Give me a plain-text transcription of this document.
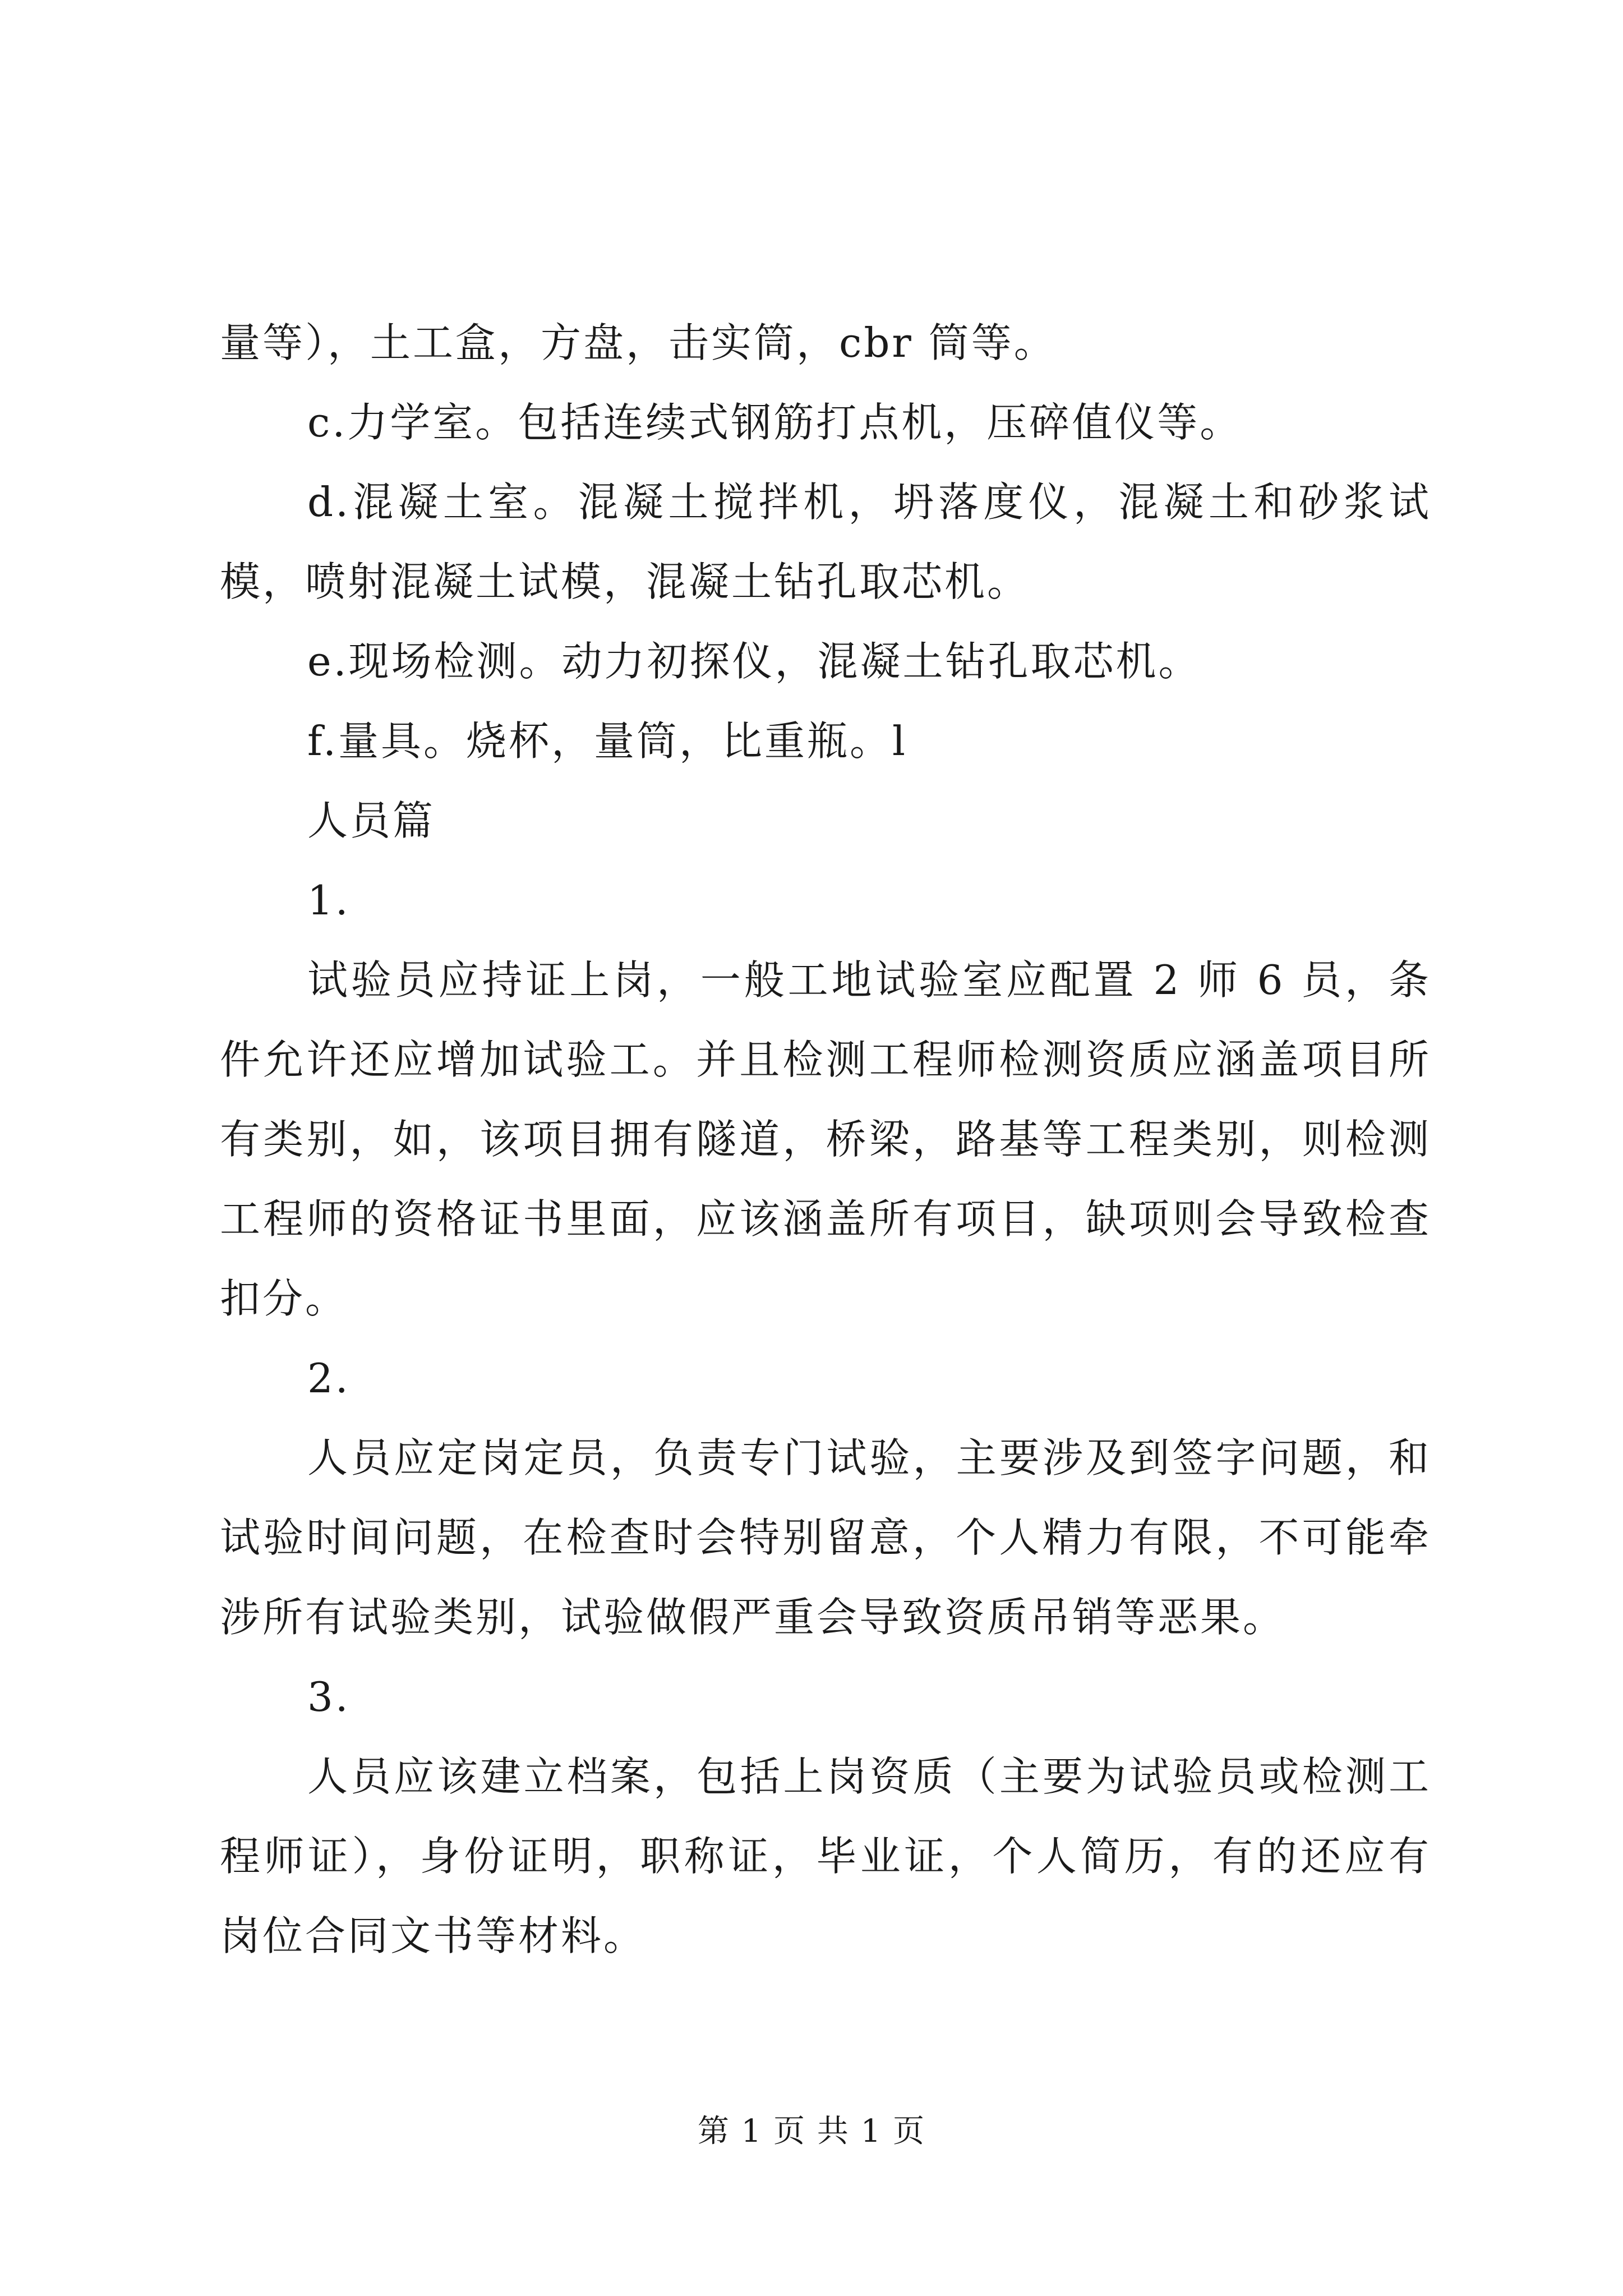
量等），土工盒，方盘，击实筒，cbr 筒等。

c.力学室。包括连续式钢筋打点机，压碎值仪等。

d.混凝土室。混凝土搅拌机，坍落度仪，混凝土和砂浆试模，喷射混凝土试模，混凝土钻孔取芯机。

e.现场检测。动力初探仪，混凝土钻孔取芯机。

f.量具。烧杯，量筒，比重瓶。l

人员篇

1.

试验员应持证上岗，一般工地试验室应配置 2 师 6 员，条件允许还应增加试验工。并且检测工程师检测资质应涵盖项目所有类别，如，该项目拥有隧道，桥梁，路基等工程类别，则检测工程师的资格证书里面，应该涵盖所有项目，缺项则会导致检查扣分。

2.

人员应定岗定员，负责专门试验，主要涉及到签字问题，和试验时间问题，在检查时会特别留意，个人精力有限，不可能牵涉所有试验类别，试验做假严重会导致资质吊销等恶果。

3.

人员应该建立档案，包括上岗资质（主要为试验员或检测工程师证），身份证明，职称证，毕业证，个人简历，有的还应有岗位合同文书等材料。

第 1 页 共 1 页
